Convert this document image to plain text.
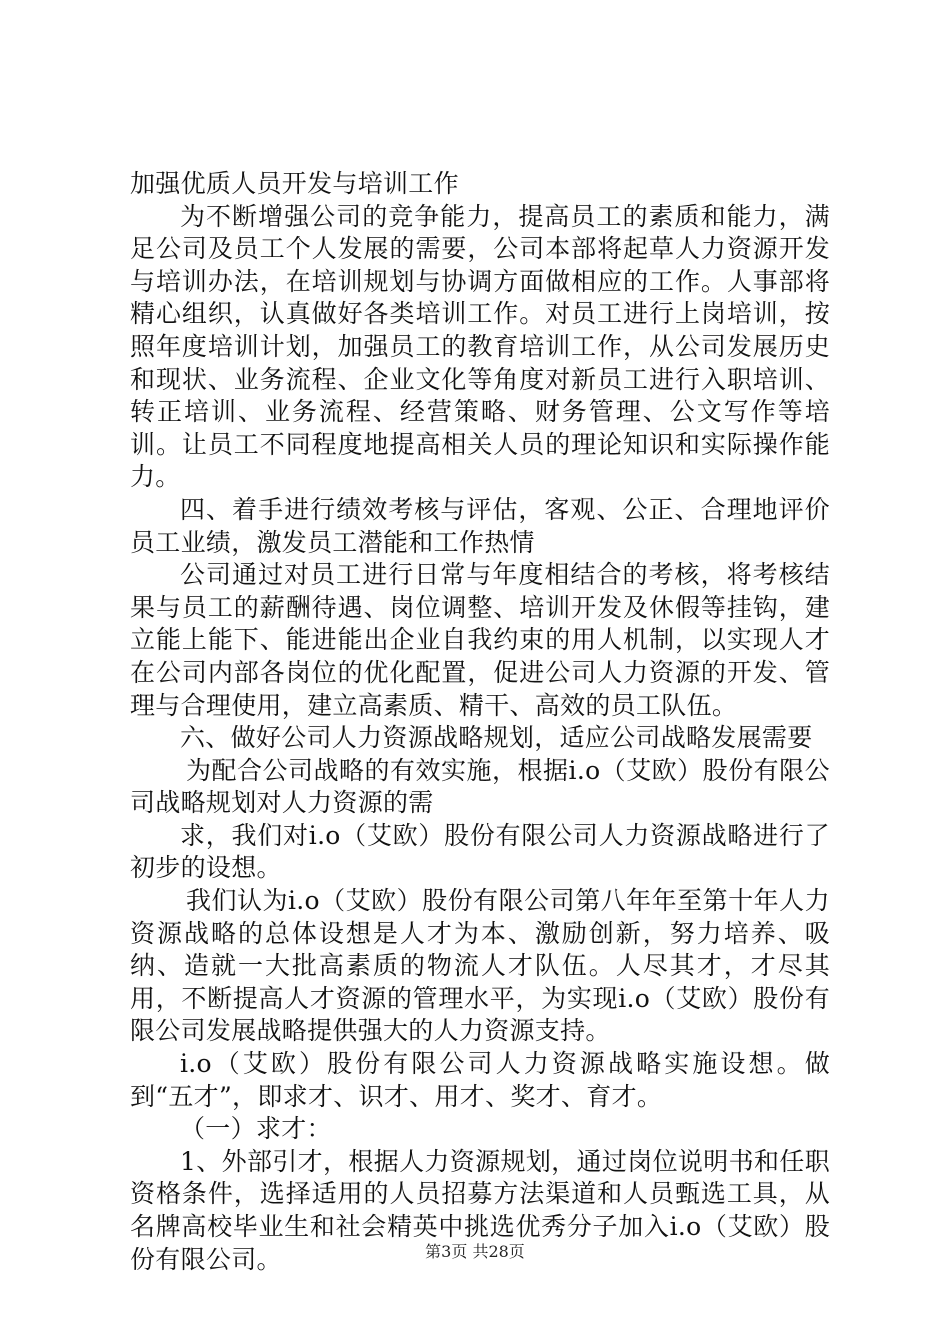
加强优质人员开发与培训工作

为不断增强公司的竞争能力，提高员工的素质和能力，满足公司及员工个人发展的需要，公司本部将起草人力资源开发与培训办法，在培训规划与协调方面做相应的工作。人事部将精心组织，认真做好各类培训工作。对员工进行上岗培训，按照年度培训计划，加强员工的教育培训工作，从公司发展历史和现状、业务流程、企业文化等角度对新员工进行入职培训、转正培训、业务流程、经营策略、财务管理、公文写作等培训。让员工不同程度地提高相关人员的理论知识和实际操作能力。

四、着手进行绩效考核与评估，客观、公正、合理地评价员工业绩，激发员工潜能和工作热情

公司通过对员工进行日常与年度相结合的考核，将考核结果与员工的薪酬待遇、岗位调整、培训开发及休假等挂钩，建立能上能下、能进能出企业自我约束的用人机制，以实现人才在公司内部各岗位的优化配置，促进公司人力资源的开发、管理与合理使用，建立高素质、精干、高效的员工队伍。

六、做好公司人力资源战略规划，适应公司战略发展需要

为配合公司战略的有效实施，根据i.o（艾欧）股份有限公司战略规划对人力资源的需

求，我们对i.o（艾欧）股份有限公司人力资源战略进行了初步的设想。

我们认为i.o（艾欧）股份有限公司第八年年至第十年人力资源战略的总体设想是人才为本、激励创新，努力培养、吸纳、造就一大批高素质的物流人才队伍。人尽其才，才尽其用，不断提高人才资源的管理水平，为实现i.o（艾欧）股份有限公司发展战略提供强大的人力资源支持。

i.o（艾欧）股份有限公司人力资源战略实施设想。做到“五才”，即求才、识才、用才、奖才、育才。

（一）求才：

1、外部引才，根据人力资源规划，通过岗位说明书和任职资格条件，选择适用的人员招募方法渠道和人员甄选工具，从名牌高校毕业生和社会精英中挑选优秀分子加入i.o（艾欧）股份有限公司。	第3页 共28页
